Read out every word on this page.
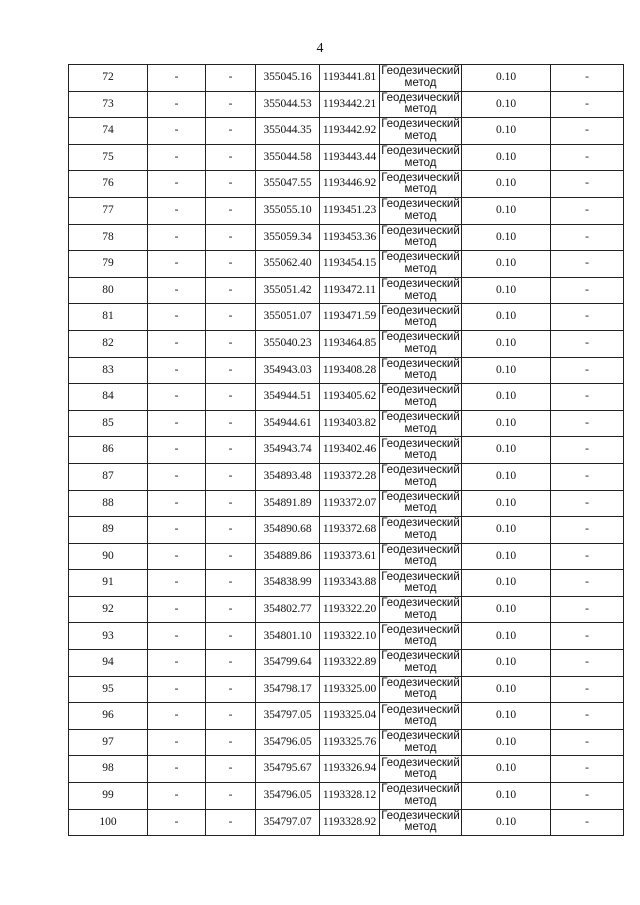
4
72	-	-	355045.16	1193441.81	Геодезический
метод	0.10	-
73	-	-	355044.53	1193442.21	Геодезический
метод	0.10	-
74	-	-	355044.35	1193442.92	Геодезический
метод	0.10	-
75	-	-	355044.58	1193443.44	Геодезический
метод	0.10	-
76	-	-	355047.55	1193446.92	Геодезический
метод	0.10	-
77	-	-	355055.10	1193451.23	Геодезический
метод	0.10	-
78	-	-	355059.34	1193453.36	Геодезический
метод	0.10	-
79	-	-	355062.40	1193454.15	Геодезический
метод	0.10	-
80	-	-	355051.42	1193472.11	Геодезический
метод	0.10	-
81	-	-	355051.07	1193471.59	Геодезический
метод	0.10	-
82	-	-	355040.23	1193464.85	Геодезический
метод	0.10	-
83	-	-	354943.03	1193408.28	Геодезический
метод	0.10	-
84	-	-	354944.51	1193405.62	Геодезический
метод	0.10	-
85	-	-	354944.61	1193403.82	Геодезический
метод	0.10	-
86	-	-	354943.74	1193402.46	Геодезический
метод	0.10	-
87	-	-	354893.48	1193372.28	Геодезический
метод	0.10	-
88	-	-	354891.89	1193372.07	Геодезический
метод	0.10	-
89	-	-	354890.68	1193372.68	Геодезический
метод	0.10	-
90	-	-	354889.86	1193373.61	Геодезический
метод	0.10	-
91	-	-	354838.99	1193343.88	Геодезический
метод	0.10	-
92	-	-	354802.77	1193322.20	Геодезический
метод	0.10	-
93	-	-	354801.10	1193322.10	Геодезический
метод	0.10	-
94	-	-	354799.64	1193322.89	Геодезический
метод	0.10	-
95	-	-	354798.17	1193325.00	Геодезический
метод	0.10	-
96	-	-	354797.05	1193325.04	Геодезический
метод	0.10	-
97	-	-	354796.05	1193325.76	Геодезический
метод	0.10	-
98	-	-	354795.67	1193326.94	Геодезический
метод	0.10	-
99	-	-	354796.05	1193328.12	Геодезический
метод	0.10	-
100	-	-	354797.07	1193328.92	Геодезический
метод	0.10	-
